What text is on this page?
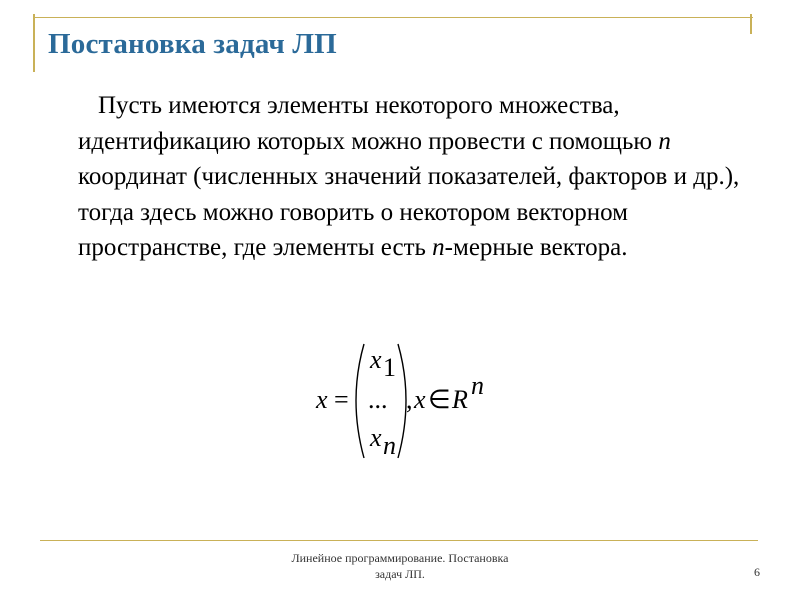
Постановка задач ЛП

Пусть имеются элементы некоторого множества, идентификацию которых можно провести с помощью n координат (численных значений показателей, факторов и др.), тогда здесь можно говорить о некотором векторном пространстве, где элементы есть n-мерные вектора.

x =
x 1
...
x n
, x ∈ R n
Линейное программирование. Постановка
задач ЛП.	6
